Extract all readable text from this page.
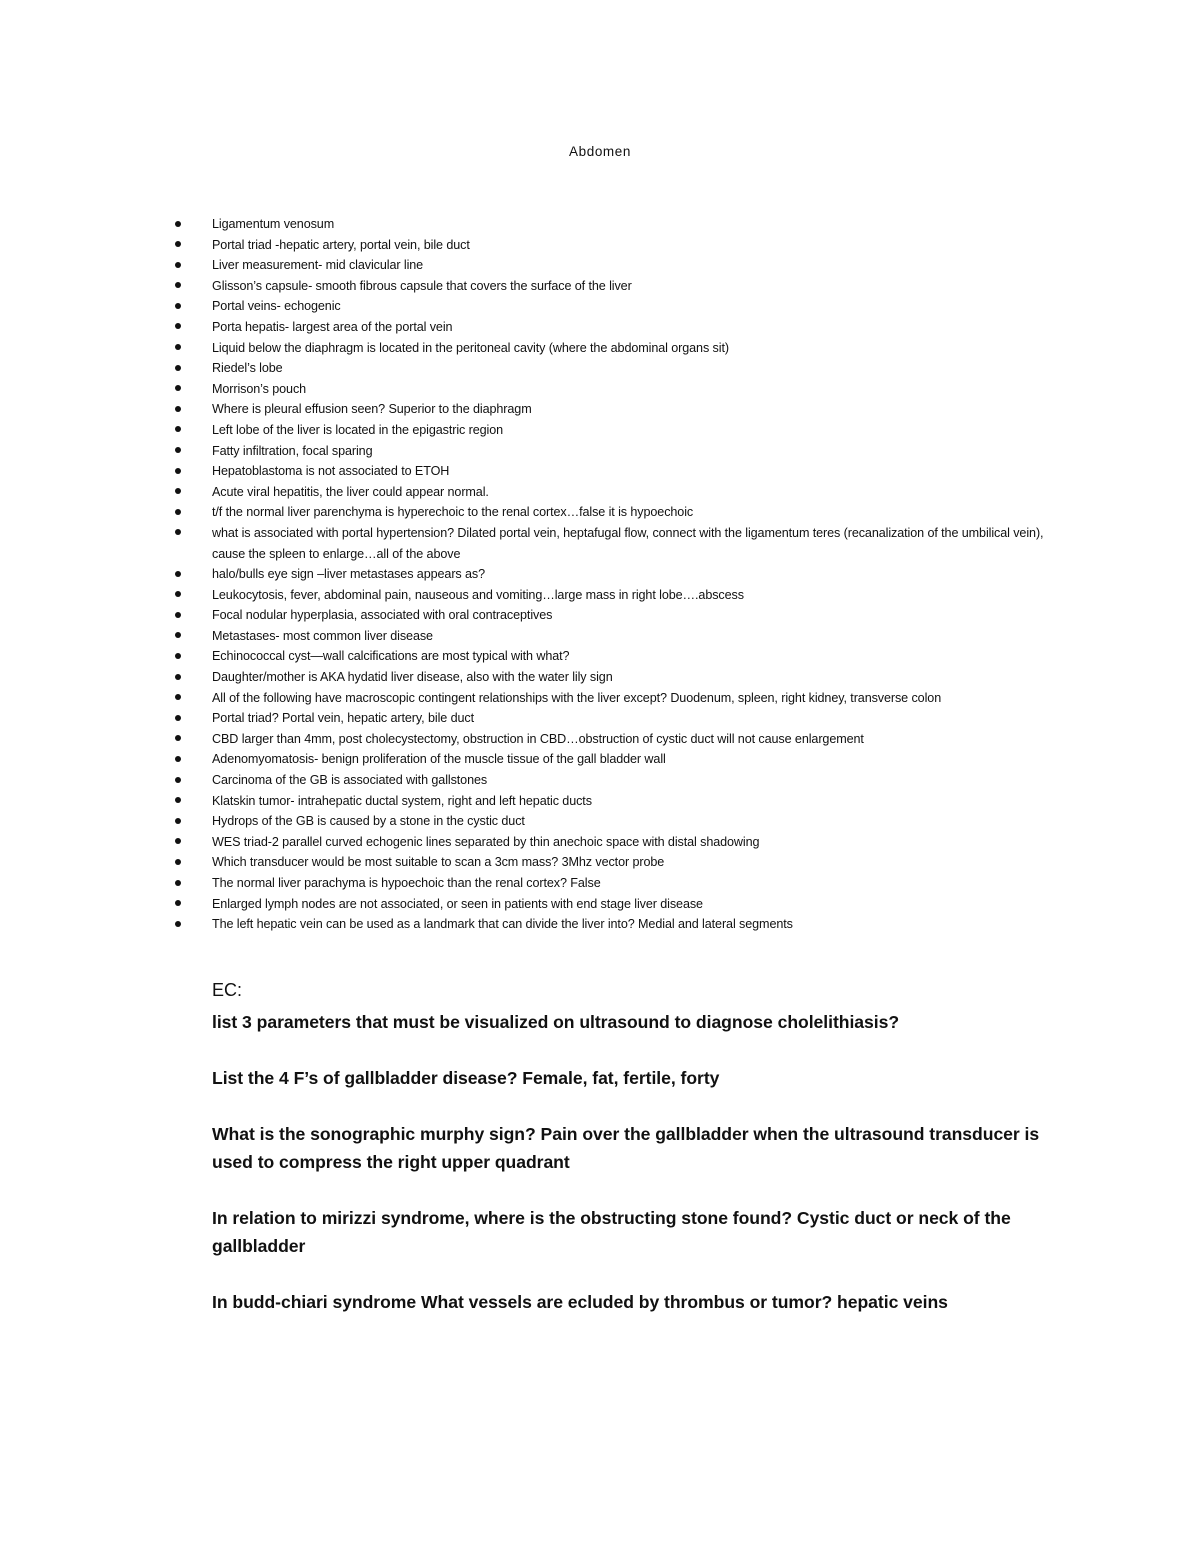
Abdomen
Ligamentum venosum
Portal triad -hepatic artery, portal vein, bile duct
Liver measurement- mid clavicular line
Glisson’s capsule- smooth fibrous capsule that covers the surface of the liver
Portal veins- echogenic
Porta hepatis- largest area of the portal vein
Liquid below the diaphragm is located in the peritoneal cavity (where the abdominal organs sit)
Riedel’s lobe
Morrison’s pouch
Where is pleural effusion seen? Superior to the diaphragm
Left lobe of the liver is located in the epigastric region
Fatty infiltration, focal sparing
Hepatoblastoma is not associated to ETOH
Acute viral hepatitis, the liver could appear normal.
t/f the normal liver parenchyma is hyperechoic to the renal cortex…false it is hypoechoic
what is associated with portal hypertension? Dilated portal vein, heptafugal flow, connect with the ligamentum teres (recanalization of the umbilical vein), cause the spleen to enlarge…all of the above
halo/bulls eye sign –liver metastases appears as?
Leukocytosis, fever, abdominal pain, nauseous and vomiting…large mass in right lobe….abscess
Focal nodular hyperplasia, associated with oral contraceptives
Metastases- most common liver disease
Echinococcal cyst—wall calcifications are most typical with what?
Daughter/mother is AKA hydatid liver disease, also with the water lily sign
All of the following have macroscopic contingent relationships with the liver except? Duodenum, spleen, right kidney, transverse colon
Portal triad? Portal vein, hepatic artery, bile duct
CBD larger than 4mm, post cholecystectomy, obstruction in CBD…obstruction of cystic duct will not cause enlargement
Adenomyomatosis- benign proliferation of the muscle tissue of the gall bladder wall
Carcinoma of the GB is associated with gallstones
Klatskin tumor- intrahepatic ductal system, right and left hepatic ducts
Hydrops of the GB is caused by a stone in the cystic duct
WES triad-2 parallel curved echogenic lines separated by thin anechoic space with distal shadowing
Which transducer would be most suitable to scan a 3cm mass? 3Mhz vector probe
The normal liver parachyma is hypoechoic than the renal cortex? False
Enlarged lymph nodes are not associated, or seen in patients with end stage liver disease
The left hepatic vein can be used as a landmark that can divide the liver into? Medial and lateral segments

EC:

list 3 parameters that must be visualized on ultrasound to diagnose cholelithiasis?

List the 4 F’s of gallbladder disease? Female, fat, fertile, forty

What is the sonographic murphy sign? Pain over the gallbladder when the ultrasound transducer is used to compress the right upper quadrant

In relation to mirizzi syndrome, where is the obstructing stone found? Cystic duct or neck of the gallbladder

In budd-chiari syndrome What vessels are ecluded by thrombus or tumor? hepatic veins
